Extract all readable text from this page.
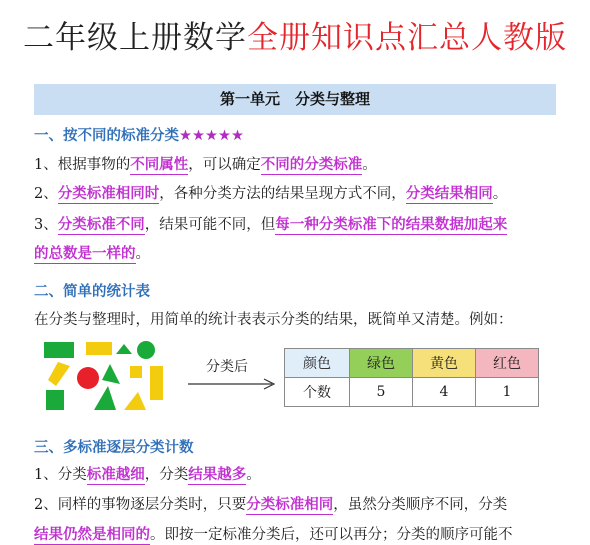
二年级上册数学全册知识点汇总人教版
第一单元　分类与整理
一、按不同的标准分类★★★★★
1、根据事物的不同属性，可以确定不同的分类标准。
2、分类标准相同时，各种分类方法的结果呈现方式不同，分类结果相同。
3、分类标准不同，结果可能不同，但每一种分类标准下的结果数据加起来
的总数是一样的。
二、简单的统计表
在分类与整理时，用简单的统计表表示分类的结果，既简单又清楚。例如：
分类后	颜色	绿色	黄色	红色
个数	5	4	1
三、多标准逐层分类计数
1、分类标准越细，分类结果越多。
2、同样的事物逐层分类时，只要分类标准相同，虽然分类顺序不同，分类
结果仍然是相同的。即按一定标准分类后，还可以再分；分类的顺序可能不
